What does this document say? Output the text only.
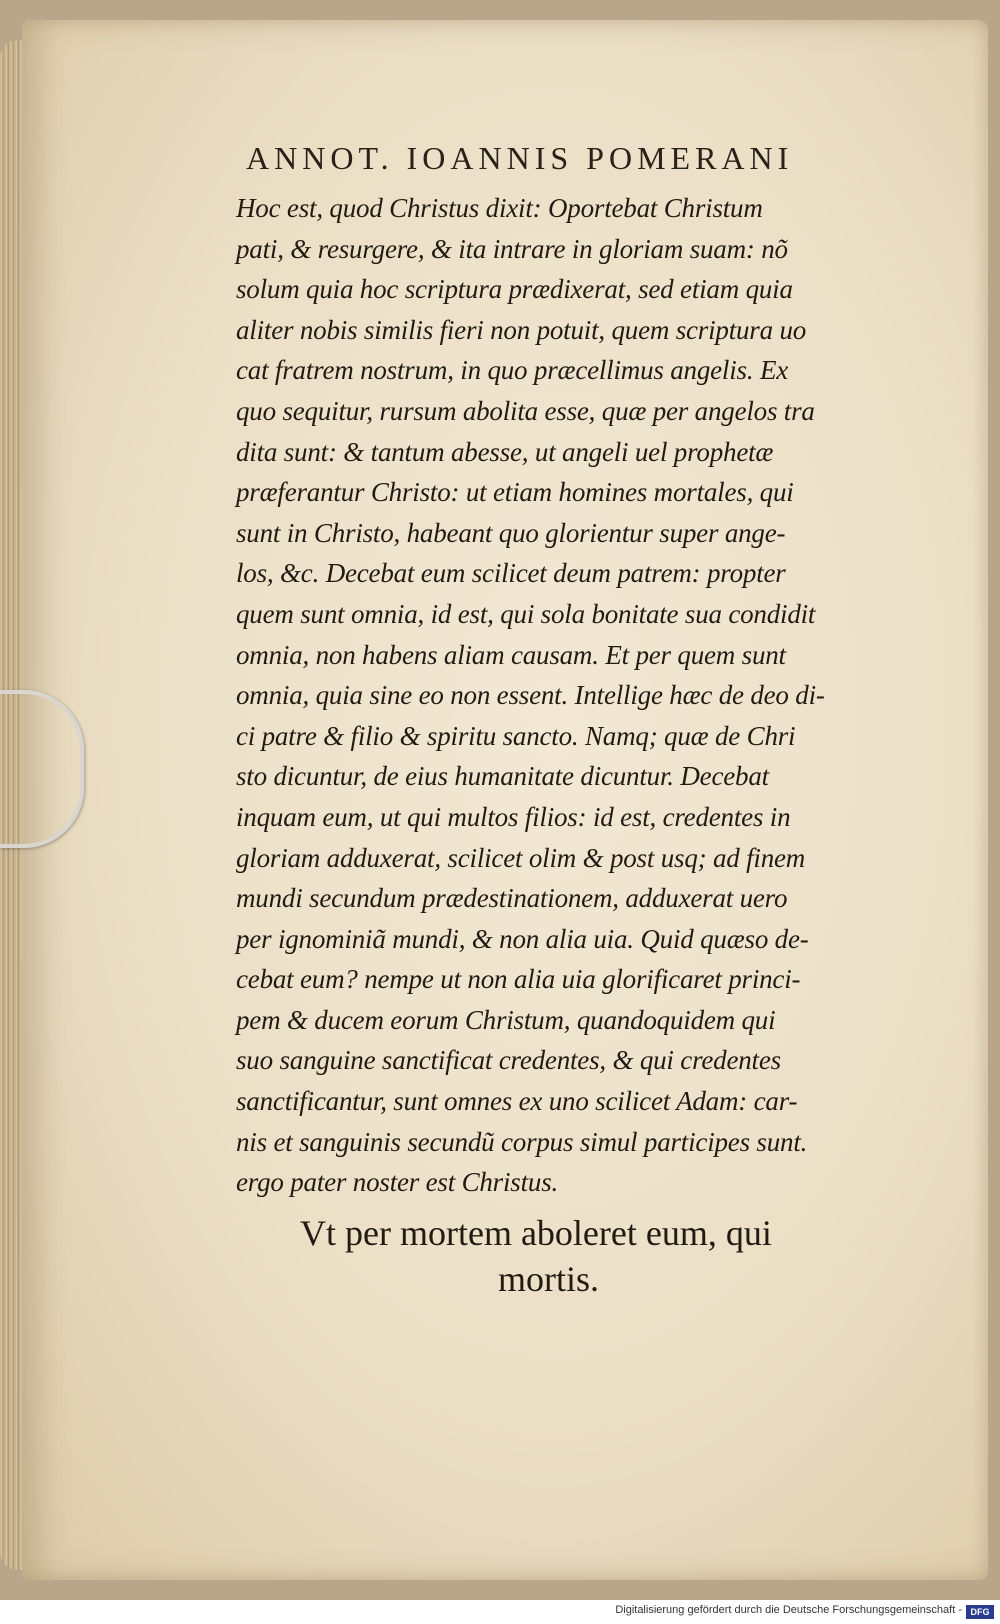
ANNOT. IOANNIS POMERANI
Hoc est, quod Christus dixit: Oportebat Christum
pati, & resurgere, & ita intrare in gloriam suam: nõ
solum quia hoc scriptura prædixerat, sed etiam quia
aliter nobis similis fieri non potuit, quem scriptura uo
cat fratrem nostrum, in quo præcellimus angelis. Ex
quo sequitur, rursum abolita esse, quæ per angelos tra
dita sunt: & tantum abesse, ut angeli uel prophetæ
præferantur Christo: ut etiam homines mortales, qui
sunt in Christo, habeant quo glorientur super ange-
los, &c. Decebat eum scilicet deum patrem: propter
quem sunt omnia, id est, qui sola bonitate sua condidit
omnia, non habens aliam causam. Et per quem sunt
omnia, quia sine eo non essent. Intellige hæc de deo di-
ci patre & filio & spiritu sancto. Namq; quæ de Chri
sto dicuntur, de eius humanitate dicuntur. Decebat
inquam eum, ut qui multos filios: id est, credentes in
gloriam adduxerat, scilicet olim & post usq; ad finem
mundi secundum prædestinationem, adduxerat uero
per ignominiã mundi, & non alia uia. Quid quæso de-
cebat eum? nempe ut non alia uia glorificaret princi-
pem & ducem eorum Christum, quandoquidem qui
suo sanguine sanctificat credentes, & qui credentes
sanctificantur, sunt omnes ex uno scilicet Adam: car-
nis et sanguinis secundũ corpus simul participes sunt.
ergo pater noster est Christus.
Vt per mortem aboleret eum, qui
mortis.
Digitalisierung gefördert durch die Deutsche Forschungsgemeinschaft - DFG
